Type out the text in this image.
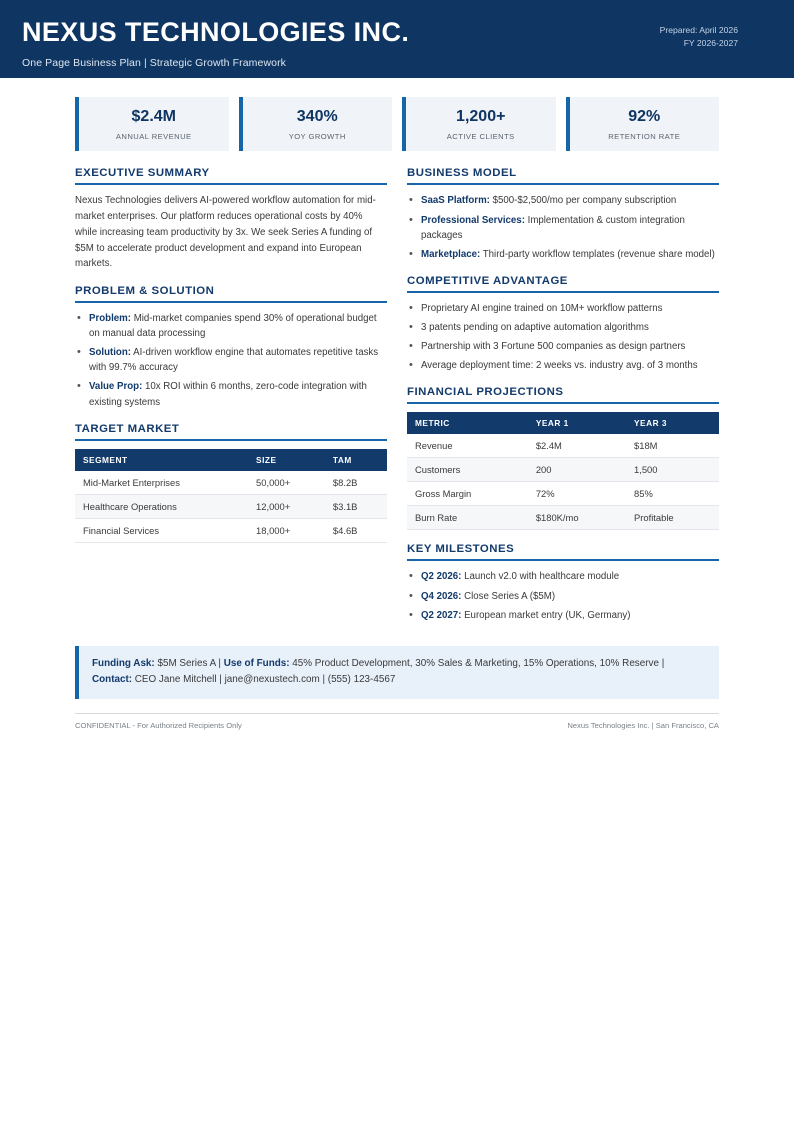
NEXUS TECHNOLOGIES INC.
One Page Business Plan | Strategic Growth Framework
Prepared: April 2026
FY 2026-2027
$2.4M
ANNUAL REVENUE
340%
YOY GROWTH
1,200+
ACTIVE CLIENTS
92%
RETENTION RATE
EXECUTIVE SUMMARY
Nexus Technologies delivers AI-powered workflow automation for mid-market enterprises. Our platform reduces operational costs by 40% while increasing team productivity by 3x. We seek Series A funding of $5M to accelerate product development and expand into European markets.
PROBLEM & SOLUTION
• Problem: Mid-market companies spend 30% of operational budget on manual data processing
• Solution: AI-driven workflow engine that automates repetitive tasks with 99.7% accuracy
• Value Prop: 10x ROI within 6 months, zero-code integration with existing systems
TARGET MARKET
SEGMENT	SIZE	TAM
Mid-Market Enterprises	50,000+	$8.2B
Healthcare Operations	12,000+	$3.1B
Financial Services	18,000+	$4.6B
BUSINESS MODEL
• SaaS Platform: $500-$2,500/mo per company subscription
• Professional Services: Implementation & custom integration packages
• Marketplace: Third-party workflow templates (revenue share model)
COMPETITIVE ADVANTAGE
• Proprietary AI engine trained on 10M+ workflow patterns
• 3 patents pending on adaptive automation algorithms
• Partnership with 3 Fortune 500 companies as design partners
• Average deployment time: 2 weeks vs. industry avg. of 3 months
FINANCIAL PROJECTIONS
METRIC	YEAR 1	YEAR 3
Revenue	$2.4M	$18M
Customers	200	1,500
Gross Margin	72%	85%
Burn Rate	$180K/mo	Profitable
KEY MILESTONES
• Q2 2026: Launch v2.0 with healthcare module
• Q4 2026: Close Series A ($5M)
• Q2 2027: European market entry (UK, Germany)
Funding Ask: $5M Series A | Use of Funds: 45% Product Development, 30% Sales & Marketing, 15% Operations, 10% Reserve | Contact: CEO Jane Mitchell | jane@nexustech.com | (555) 123-4567
CONFIDENTIAL - For Authorized Recipients Only	Nexus Technologies Inc. | San Francisco, CA
